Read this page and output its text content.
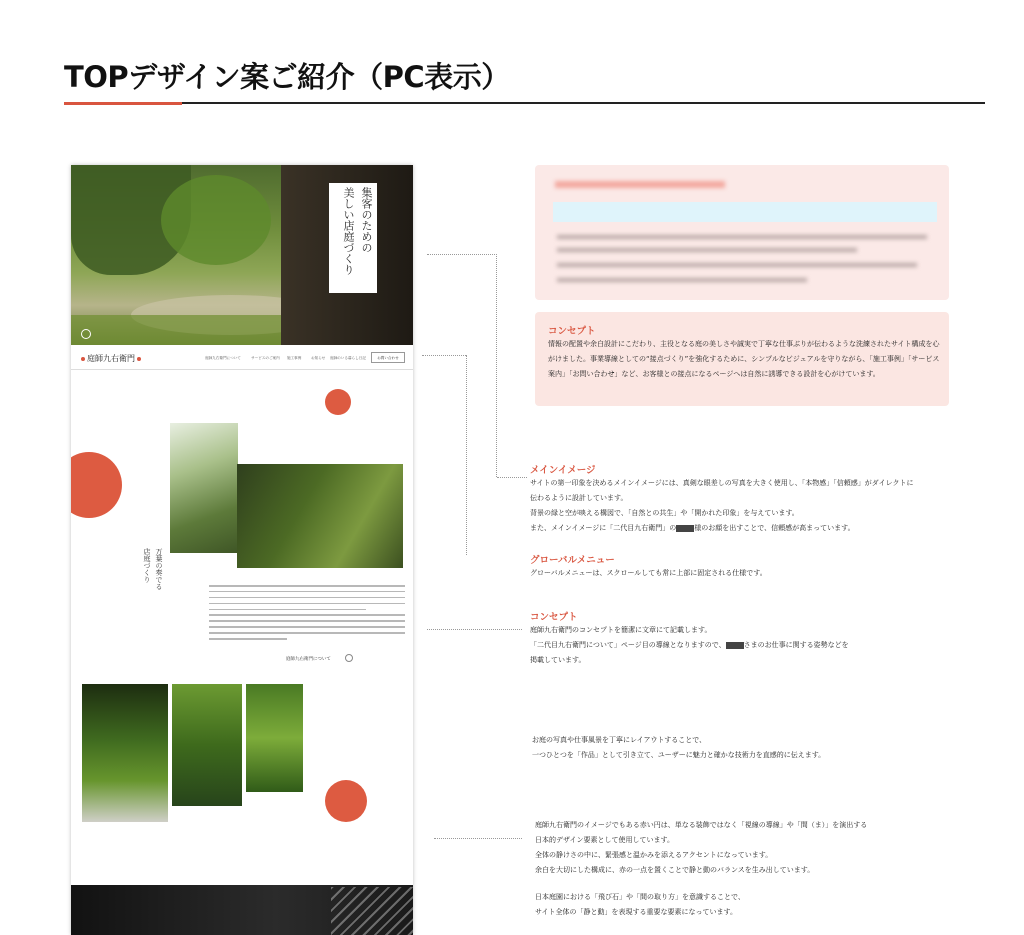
TOPデザイン案ご紹介（PC表示）
集客のための
美しい店庭づくり
庭師九右衛門	庭師九右衛門について	サービスのご案内 施工事例	お知らせ 庭師のいる暮らし日記	お問い合わせ
万葉の奏でる
店庭づくり
庭師九右衛門について
コンセプト
情報の配置や余白設計にこだわり、主役となる庭の美しさや誠実で丁寧な仕事ぶりが伝わるような洗練されたサイト構成を心がけました。事業導線としての“接点づくり”を強化するために、シンプルなビジュアルを守りながら、「施工事例」「サービス案内」「お問い合わせ」など、お客様との接点になるページへは自然に誘導できる設計を心がけています。
メインイメージ
サイトの第一印象を決めるメインイメージには、真剣な眼差しの写真を大きく使用し、「本物感」「信頼感」がダイレクトに
伝わるように設計しています。
背景の緑と空が映える構図で、「自然との共生」や「開かれた印象」を与えています。
また、メインイメージに「二代目九右衛門」の	様のお顔を出すことで、信頼感が高まっています。
グローバルメニュー
グローバルメニューは、スクロールしても常に上部に固定される仕様です。
コンセプト
庭師九右衛門のコンセプトを簡潔に文章にて記載します。
「二代目九右衛門について」ページ目の導線となりますので、	さまのお仕事に関する姿勢などを
掲載しています。
お庭の写真や仕事風景を丁寧にレイアウトすることで、
一つひとつを「作品」として引き立て、ユーザーに魅力と確かな技術力を直感的に伝えます。
庭師九右衛門のイメージでもある赤い円は、単なる装飾ではなく「視線の導線」や「間（ま）」を演出する
日本的デザイン要素として使用しています。
全体の静けさの中に、緊張感と温かみを添えるアクセントになっています。
余白を大切にした構成に、赤の一点を置くことで静と動のバランスを生み出しています。
日本庭園における「飛び石」や「間の取り方」を意識することで、
サイト全体の「静と動」を表現する重要な要素になっています。
